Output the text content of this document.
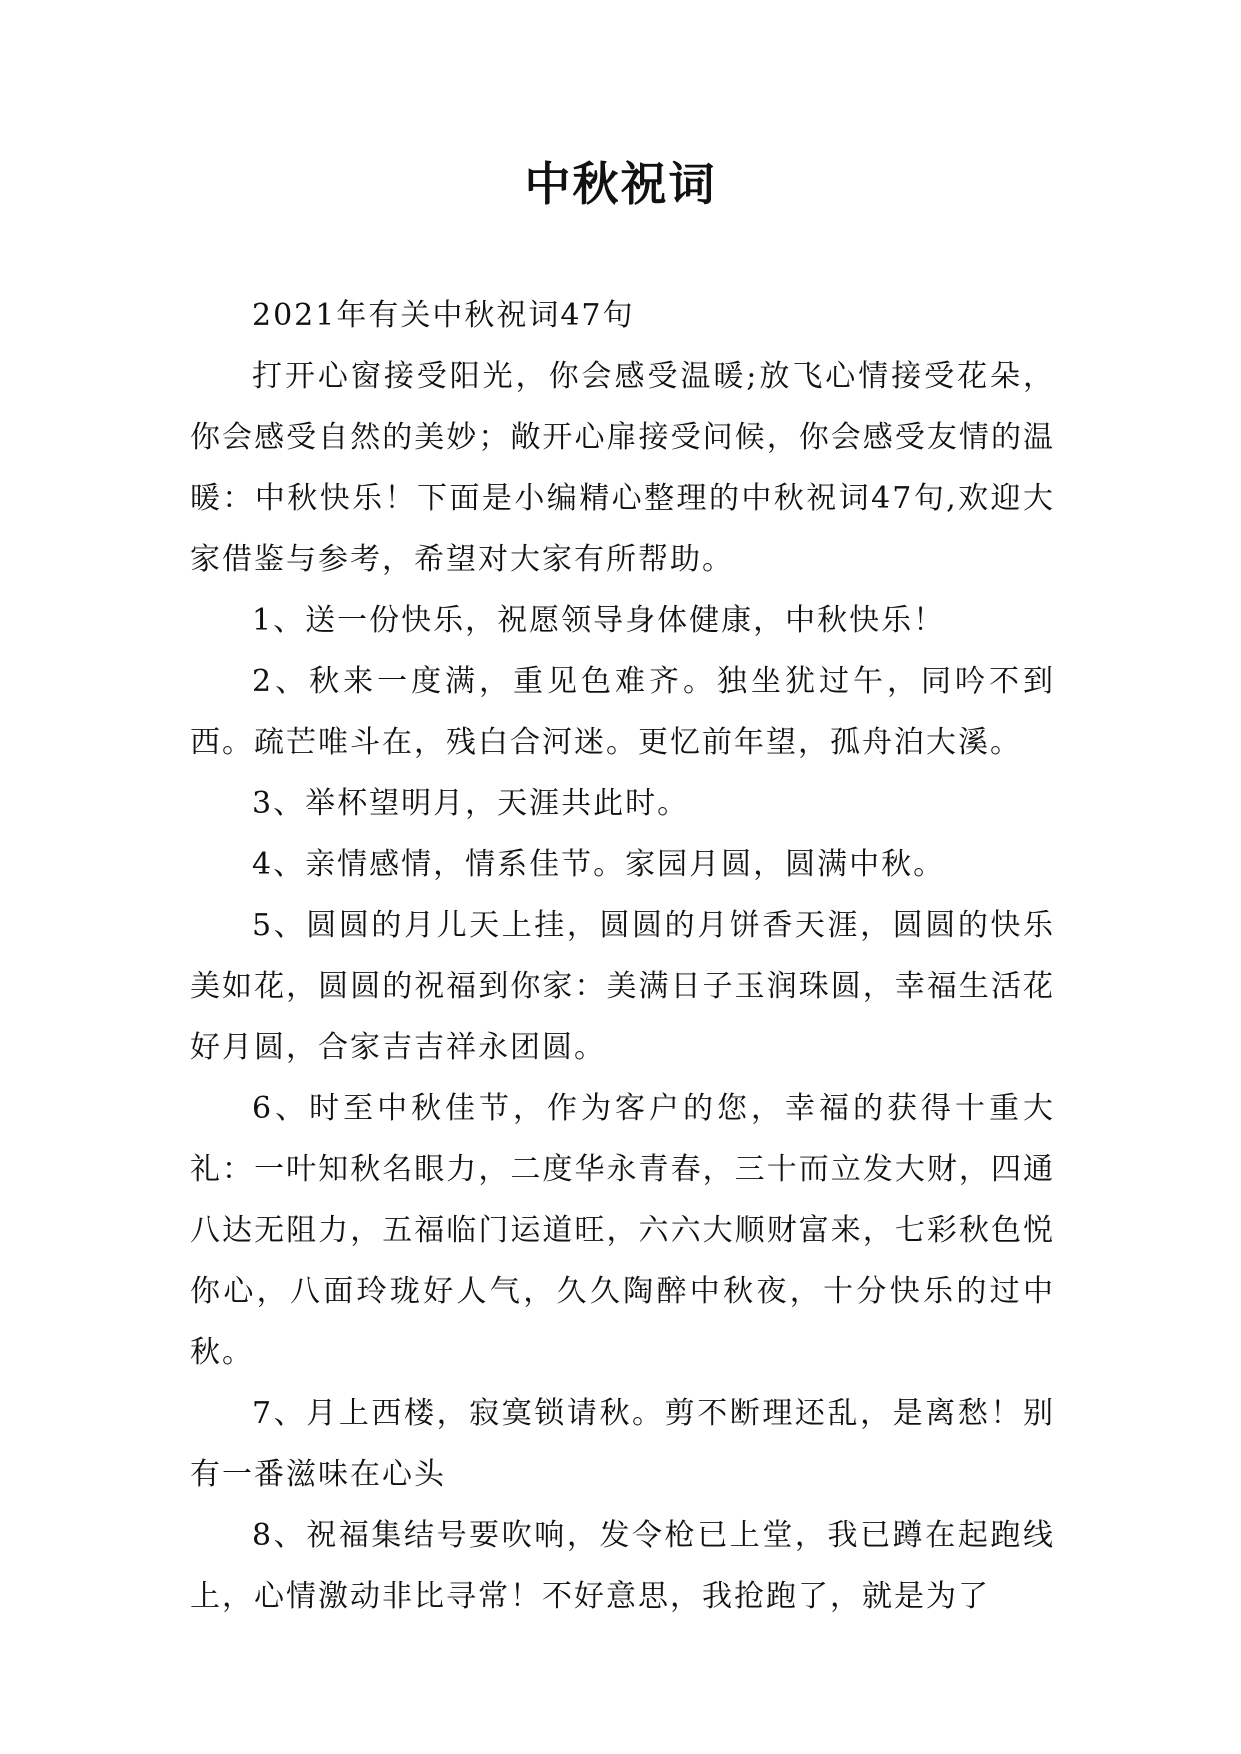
中秋祝词

2021年有关中秋祝词47句

打开心窗接受阳光，你会感受温暖;放飞心情接受花朵，你会感受自然的美妙；敞开心扉接受问候，你会感受友情的温暖：中秋快乐！下面是小编精心整理的中秋祝词47句,欢迎大家借鉴与参考，希望对大家有所帮助。

1、送一份快乐，祝愿领导身体健康，中秋快乐！

2、秋来一度满，重见色难齐。独坐犹过午，同吟不到西。疏芒唯斗在，残白合河迷。更忆前年望，孤舟泊大溪。

3、举杯望明月，天涯共此时。

4、亲情感情，情系佳节。家园月圆，圆满中秋。

5、圆圆的月儿天上挂，圆圆的月饼香天涯，圆圆的快乐美如花，圆圆的祝福到你家：美满日子玉润珠圆，幸福生活花好月圆，合家吉吉祥永团圆。

6、时至中秋佳节，作为客户的您，幸福的获得十重大礼：一叶知秋名眼力，二度华永青春，三十而立发大财，四通八达无阻力，五福临门运道旺，六六大顺财富来，七彩秋色悦你心，八面玲珑好人气，久久陶醉中秋夜，十分快乐的过中秋。

7、月上西楼，寂寞锁请秋。剪不断理还乱，是离愁！别有一番滋味在心头

8、祝福集结号要吹响，发令枪已上堂，我已蹲在起跑线上，心情激动非比寻常！不好意思，我抢跑了，就是为了
